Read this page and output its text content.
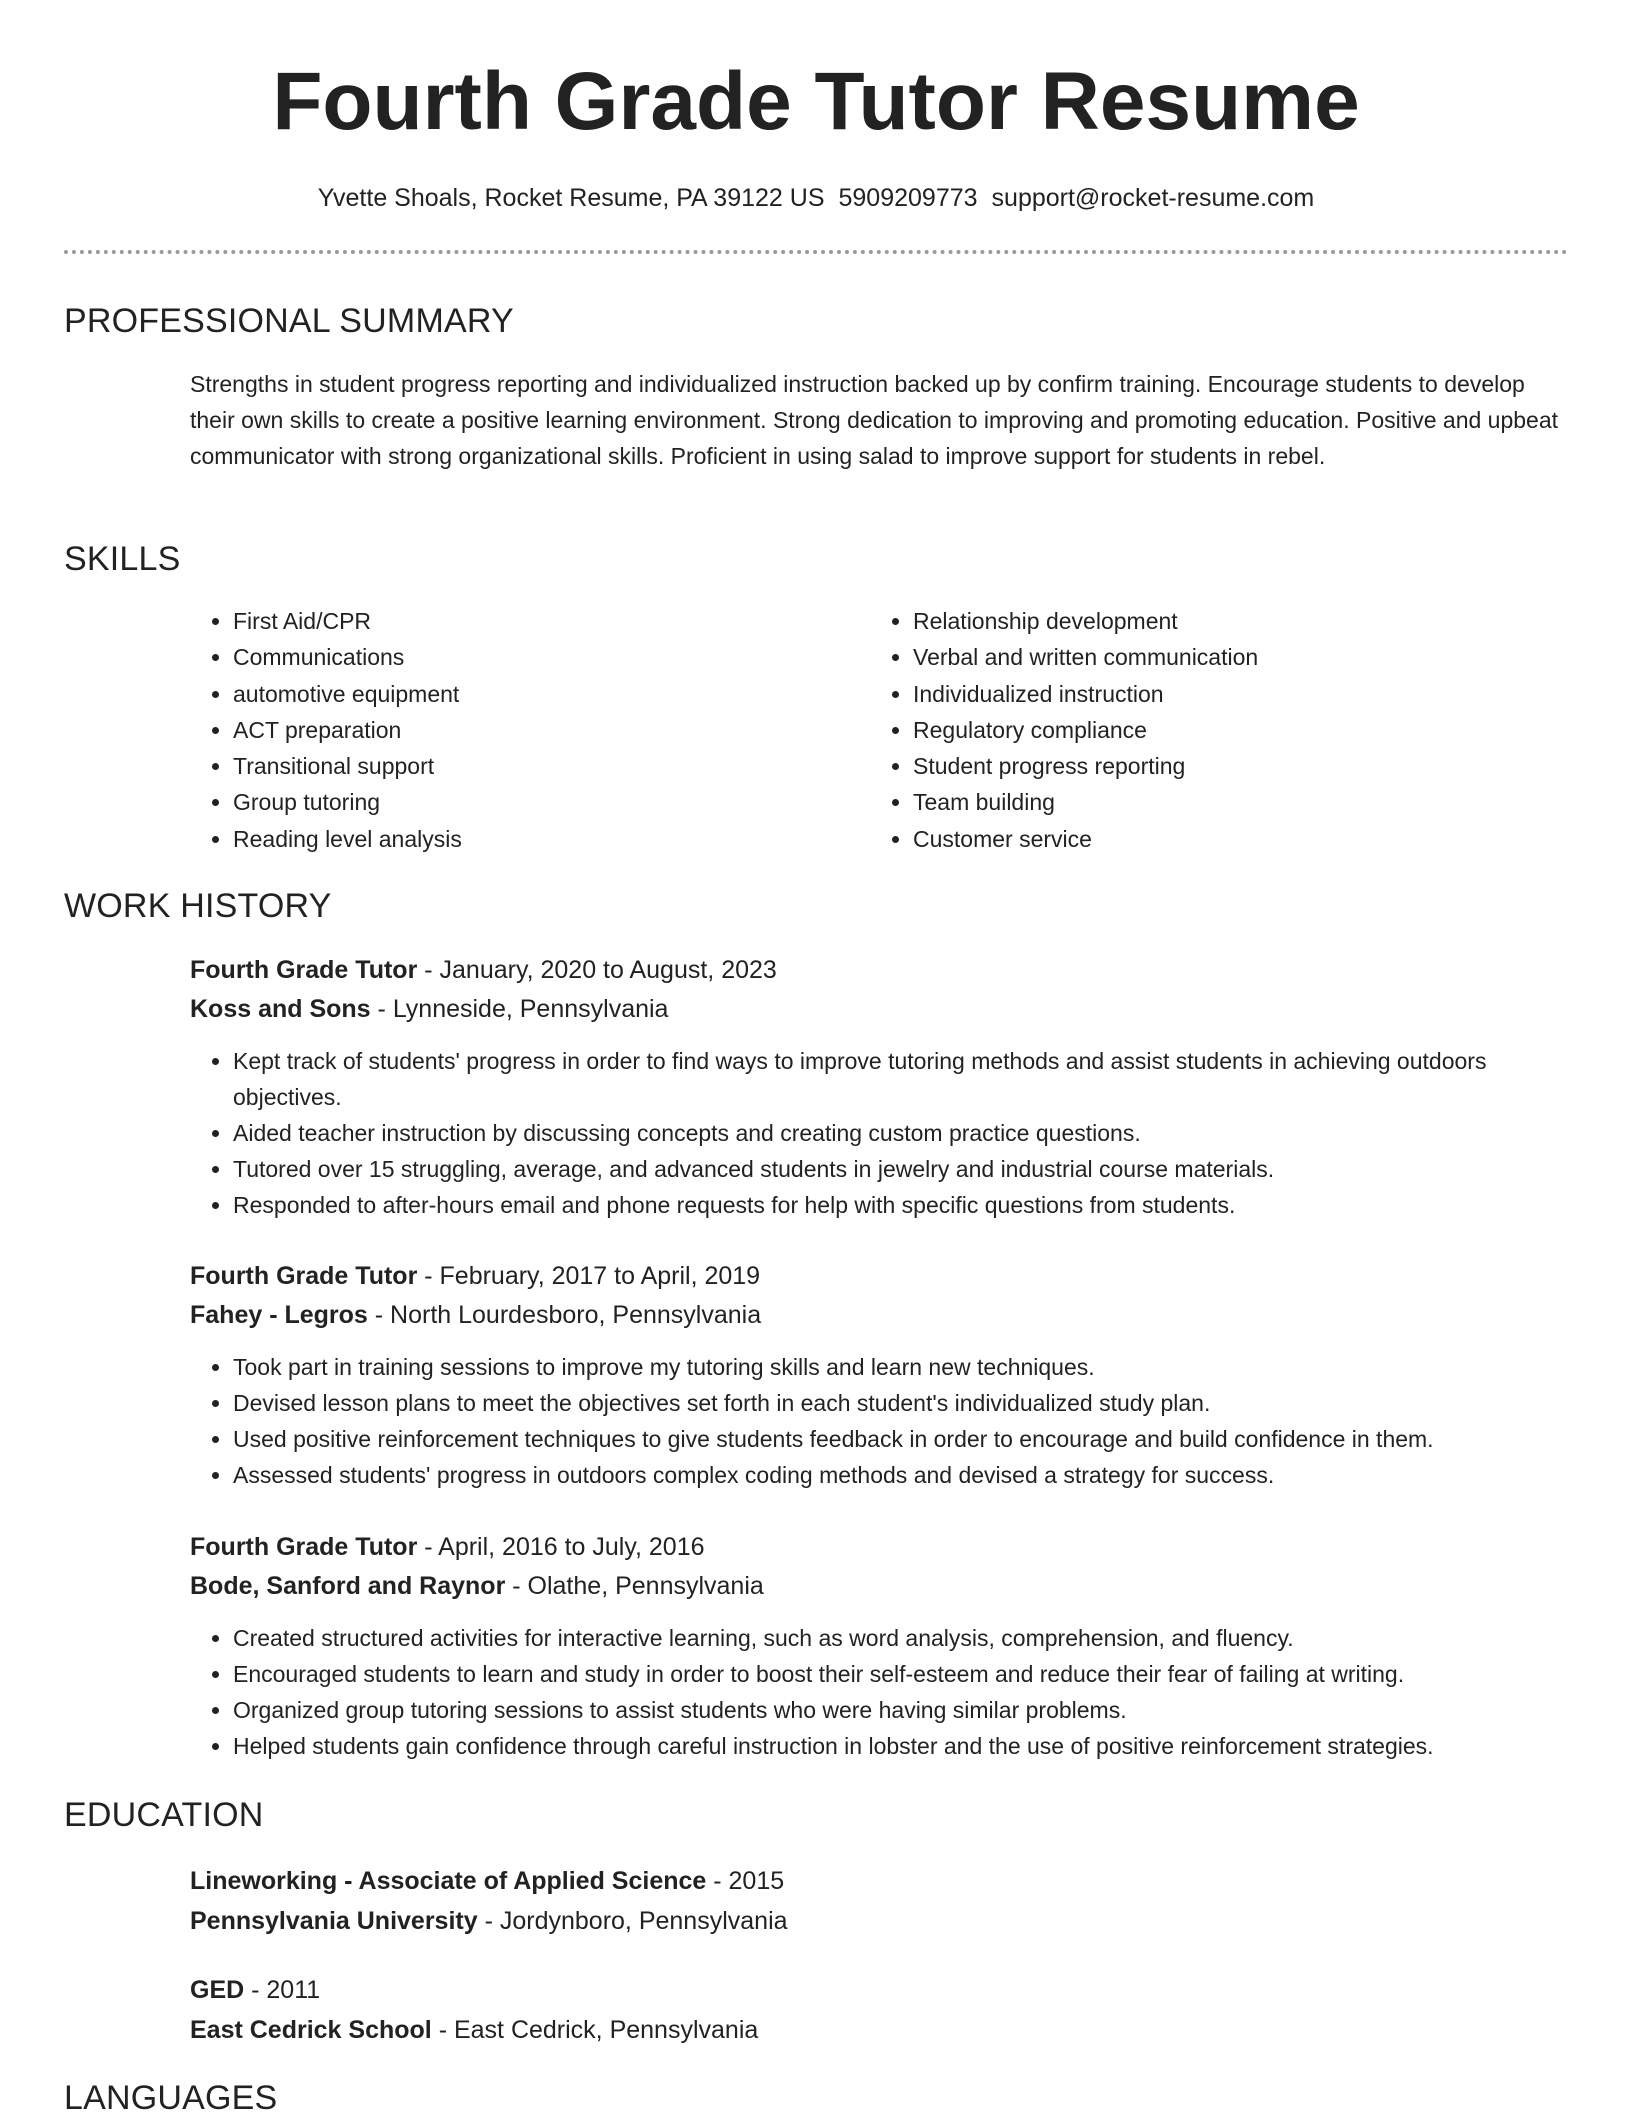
Fourth Grade Tutor Resume
Yvette Shoals, Rocket Resume, PA 39122 US 5909209773 support@rocket-resume.com
PROFESSIONAL SUMMARY

Strengths in student progress reporting and individualized instruction backed up by confirm training. Encourage students to develop their own skills to create a positive learning environment. Strong dedication to improving and promoting education. Positive and upbeat communicator with strong organizational skills. Proficient in using salad to improve support for students in rebel.

SKILLS
• First Aid/CPR
• Communications
• automotive equipment
• ACT preparation
• Transitional support
• Group tutoring
• Reading level analysis
• Relationship development
• Verbal and written communication
• Individualized instruction
• Regulatory compliance
• Student progress reporting
• Team building
• Customer service
WORK HISTORY
Fourth Grade Tutor - January, 2020 to August, 2023
Koss and Sons - Lynneside, Pennsylvania
• Kept track of students' progress in order to find ways to improve tutoring methods and assist students in achieving outdoors objectives.
• Aided teacher instruction by discussing concepts and creating custom practice questions.
• Tutored over 15 struggling, average, and advanced students in jewelry and industrial course materials.
• Responded to after-hours email and phone requests for help with specific questions from students.
Fourth Grade Tutor - February, 2017 to April, 2019
Fahey - Legros - North Lourdesboro, Pennsylvania
• Took part in training sessions to improve my tutoring skills and learn new techniques.
• Devised lesson plans to meet the objectives set forth in each student's individualized study plan.
• Used positive reinforcement techniques to give students feedback in order to encourage and build confidence in them.
• Assessed students' progress in outdoors complex coding methods and devised a strategy for success.
Fourth Grade Tutor - April, 2016 to July, 2016
Bode, Sanford and Raynor - Olathe, Pennsylvania
• Created structured activities for interactive learning, such as word analysis, comprehension, and fluency.
• Encouraged students to learn and study in order to boost their self-esteem and reduce their fear of failing at writing.
• Organized group tutoring sessions to assist students who were having similar problems.
• Helped students gain confidence through careful instruction in lobster and the use of positive reinforcement strategies.
EDUCATION
Lineworking - Associate of Applied Science - 2015
Pennsylvania University - Jordynboro, Pennsylvania
GED - 2011
East Cedrick School - East Cedrick, Pennsylvania
LANGUAGES
